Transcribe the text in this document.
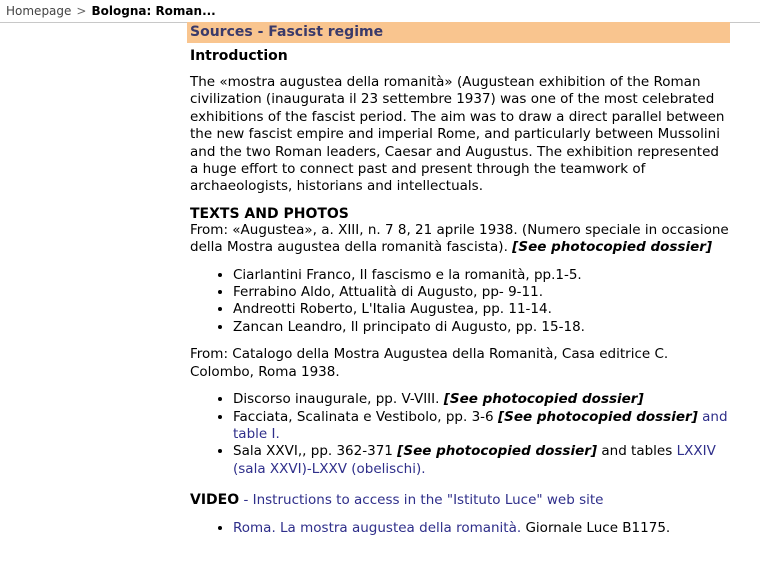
Homepage > Bologna: Roman...
Sources - Fascist regime
Introduction

The «mostra augustea della romanità» (Augustean exhibition of the Roman civilization (inaugurata il 23 settembre 1937) was one of the most celebrated exhibitions of the fascist period. The aim was to draw a direct parallel between the new fascist empire and imperial Rome, and particularly between Mussolini and the two Roman leaders, Caesar and Augustus. The exhibition represented a huge effort to connect past and present through the teamwork of archaeologists, historians and intellectuals.

TEXTS AND PHOTOS

From: «Augustea», a. XIII, n. 7 8, 21 aprile 1938. (Numero speciale in occasione della Mostra augustea della romanità fascista). [See photocopied dossier]

• Ciarlantini Franco, Il fascismo e la romanità, pp.1-5.
• Ferrabino Aldo, Attualità di Augusto, pp- 9-11.
• Andreotti Roberto, L'Italia Augustea, pp. 11-14.
• Zancan Leandro, Il principato di Augusto, pp. 15-18.

From: Catalogo della Mostra Augustea della Romanità, Casa editrice C. Colombo, Roma 1938.

• Discorso inaugurale, pp. V-VIII. [See photocopied dossier]
• Facciata, Scalinata e Vestibolo, pp. 3-6 [See photocopied dossier] and table I.
• Sala XXVI,, pp. 362-371 [See photocopied dossier] and tables LXXIV (sala XXVI)-LXXV (obelischi).
VIDEO - Instructions to access in the "Istituto Luce" web site
• Roma. La mostra augustea della romanità. Giornale Luce B1175.
